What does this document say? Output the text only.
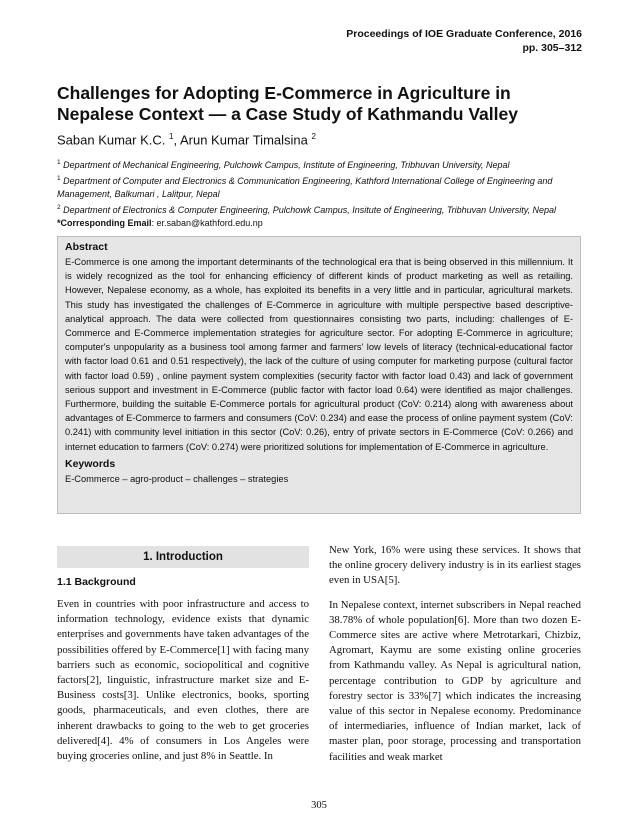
Proceedings of IOE Graduate Conference, 2016
pp. 305–312
Challenges for Adopting E-Commerce in Agriculture in Nepalese Context — a Case Study of Kathmandu Valley
Saban Kumar K.C. $^1$, Arun Kumar Timalsina $^2$
$^1$ Department of Mechanical Engineering, Pulchowk Campus, Institute of Engineering, Tribhuvan University, Nepal
$^1$ Department of Computer and Electronics & Communication Engineering, Kathford International College of Engineering and Management, Balkumari , Lalitpur, Nepal
$^2$ Department of Electronics & Computer Engineering, Pulchowk Campus, Insitute of Engineering, Tribhuvan University, Nepal
*Corresponding Email: er.saban@kathford.edu.np
Abstract

E-Commerce is one among the important determinants of the technological era that is being observed in this millennium. It is widely recognized as the tool for enhancing efficiency of different kinds of product marketing as well as retailing. However, Nepalese economy, as a whole, has exploited its benefits in a very little and in particular, agricultural markets. This study has investigated the challenges of E-Commerce in agriculture with multiple perspective based descriptive-analytical approach. The data were collected from questionnaires consisting two parts, including: challenges of E-Commerce and E-Commerce implementation strategies for agriculture sector. For adopting E-Commerce in agriculture; computer's unpopularity as a business tool among farmer and farmers' low levels of literacy (technical-educational factor with factor load 0.61 and 0.51 respectively), the lack of the culture of using computer for marketing purpose (cultural factor with factor load 0.59) , online payment system complexities (security factor with factor load 0.43) and lack of government serious support and investment in E-Commerce (public factor with factor load 0.64) were identified as major challenges. Furthermore, building the suitable E-Commerce portals for agricultural product (CoV: 0.214) along with awareness about advantages of E-Commerce to farmers and consumers (CoV: 0.234) and ease the process of online payment system (CoV: 0.241) with community level initiation in this sector (CoV: 0.26), entry of private sectors in E-Commerce (CoV: 0.266) and internet education to farmers (CoV: 0.274) were prioritized solutions for implementation of E-Commerce in agriculture.

Keywords

E-Commerce – agro-product – challenges – strategies

1. Introduction
1.1 Background

Even in countries with poor infrastructure and access to information technology, evidence exists that dynamic enterprises and governments have taken advantages of the possibilities offered by E-Commerce[1] with facing many barriers such as economic, sociopolitical and cognitive factors[2], linguistic, infrastructure market size and E-Business costs[3]. Unlike electronics, books, sporting goods, pharmaceuticals, and even clothes, there are inherent drawbacks to going to the web to get groceries delivered[4]. 4% of consumers in Los Angeles were buying groceries online, and just 8% in Seattle. In

New York, 16% were using these services. It shows that the online grocery delivery industry is in its earliest stages even in USA[5].

In Nepalese context, internet subscribers in Nepal reached 38.78% of whole population[6]. More than two dozen E-Commerce sites are active where Metrotarkari, Chizbiz, Agromart, Kaymu are some existing online groceries from Kathmandu valley. As Nepal is agricultural nation, percentage contribution to GDP by agriculture and forestry sector is 33%[7] which indicates the increasing value of this sector in Nepalese economy. Predominance of intermediaries, influence of Indian market, lack of master plan, poor storage, processing and transportation facilities and weak market

305
